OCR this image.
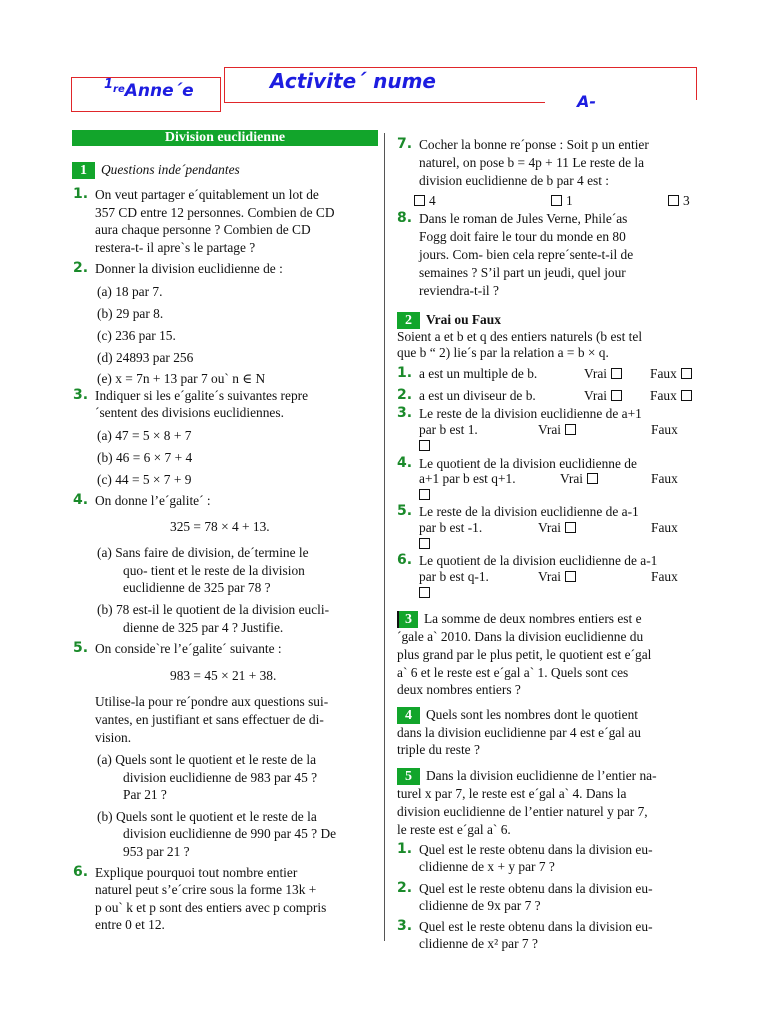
$^{1re}$Anne´e	Activite´ nume
A-
Division euclidienne
1 Questions inde´pendantes
1. On veut partager e´quitablement un lot de
357 CD entre 12 personnes. Combien de CD
aura chaque personne ? Combien de CD
restera-t- il apre`s le partage ?
2. Donner la division euclidienne de :
(a) 18 par 7.
(b) 29 par 8.
(c) 236 par 15.
(d) 24893 par 256
(e) x = 7n + 13 par 7 ou` n ∈ N
3. Indiquer si les e´galite´s suivantes repre
´sentent des divisions euclidiennes.
(a) 47 = 5 × 8 + 7
(b) 46 = 6 × 7 + 4
(c) 44 = 5 × 7 + 9
4. On donne l’e´galite´ :
325 = 78 × 4 + 13.
(a) Sans faire de division, de´termine le
quo- tient et le reste de la division
euclidienne de 325 par 78 ?
(b) 78 est-il le quotient de la division eucli-
dienne de 325 par 4 ? Justifie.
5. On conside`re l’e´galite´ suivante :
983 = 45 × 21 + 38.
Utilise-la pour re´pondre aux questions sui-
vantes, en justifiant et sans effectuer de di-
vision.
(a) Quels sont le quotient et le reste de la
division euclidienne de 983 par 45 ?
Par 21 ?
(b) Quels sont le quotient et le reste de la
division euclidienne de 990 par 45 ? De
953 par 21 ?
6. Explique pourquoi tout nombre entier
naturel peut s’e´crire sous la forme 13k +
p ou` k et p sont des entiers avec p compris
entre 0 et 12.
7. Cocher la bonne re´ponse : Soit p un entier
naturel, on pose b = 4p + 11 Le reste de la
division euclidienne de b par 4 est :
4	1	3
8. Dans le roman de Jules Verne, Phile´as
Fogg doit faire le tour du monde en 80
jours. Com- bien cela repre´sente-t-il de
semaines ? S’il part un jeudi, quel jour
reviendra-t-il ?
2 Vrai ou Faux
Soient a et b et q des entiers naturels (b est tel
que b “ 2) lie´s par la relation a = b × q.
1. a est un multiple de b.	Vrai	Faux
2. a est un diviseur de b.	Vrai	Faux
3. Le reste de la division euclidienne de a+1
par b est 1.	Vrai	Faux
4. Le quotient de la division euclidienne de
a+1 par b est q+1.	Vrai	Faux
5. Le reste de la division euclidienne de a-1
par b est -1.	Vrai	Faux
6. Le quotient de la division euclidienne de a-1
par b est q-1.	Vrai	Faux
3 La somme de deux nombres entiers est e
´gale a` 2010. Dans la division euclidienne du
plus grand par le plus petit, le quotient est e´gal
a` 6 et le reste est e´gal a` 1. Quels sont ces
deux nombres entiers ?
4 Quels sont les nombres dont le quotient
dans la division euclidienne par 4 est e´gal au
triple du reste ?
5 Dans la division euclidienne de l’entier na-
turel x par 7, le reste est e´gal a` 4. Dans la
division euclidienne de l’entier naturel y par 7,
le reste est e´gal a` 6.
1. Quel est le reste obtenu dans la division eu-
clidienne de x + y par 7 ?
2. Quel est le reste obtenu dans la division eu-
clidienne de 9x par 7 ?
3. Quel est le reste obtenu dans la division eu-
clidienne de x² par 7 ?
